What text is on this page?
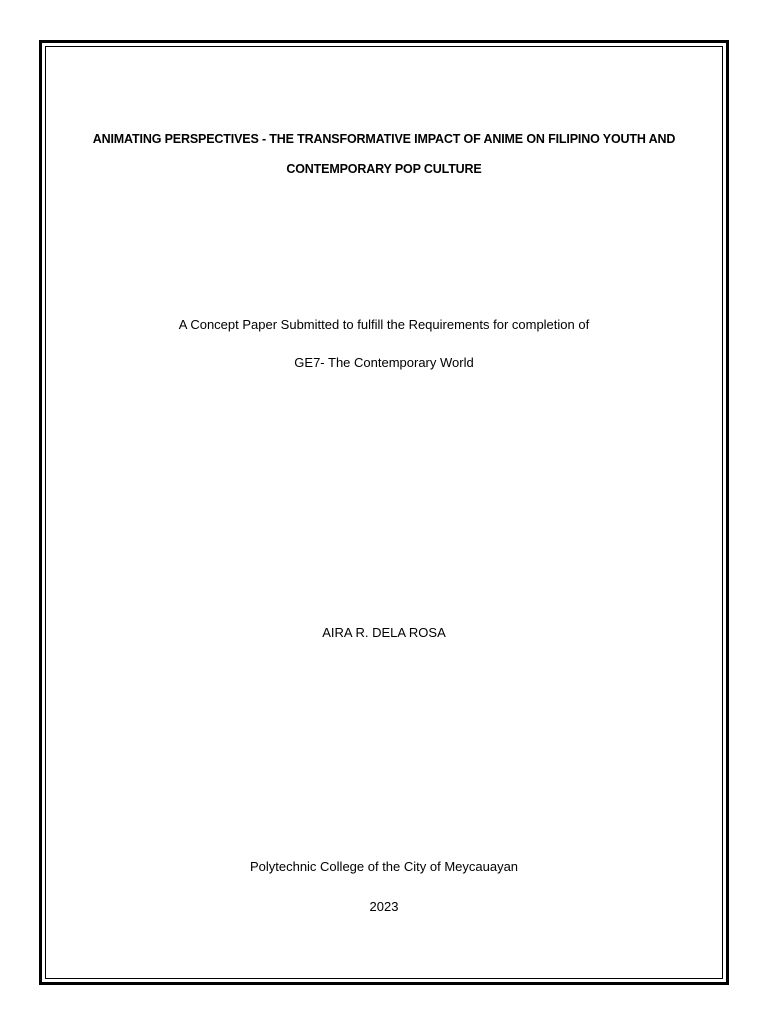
ANIMATING PERSPECTIVES - THE TRANSFORMATIVE IMPACT OF ANIME ON FILIPINO YOUTH AND
CONTEMPORARY POP CULTURE
A Concept Paper Submitted to fulfill the Requirements for completion of
GE7- The Contemporary World
AIRA R. DELA ROSA
Polytechnic College of the City of Meycauayan
2023
